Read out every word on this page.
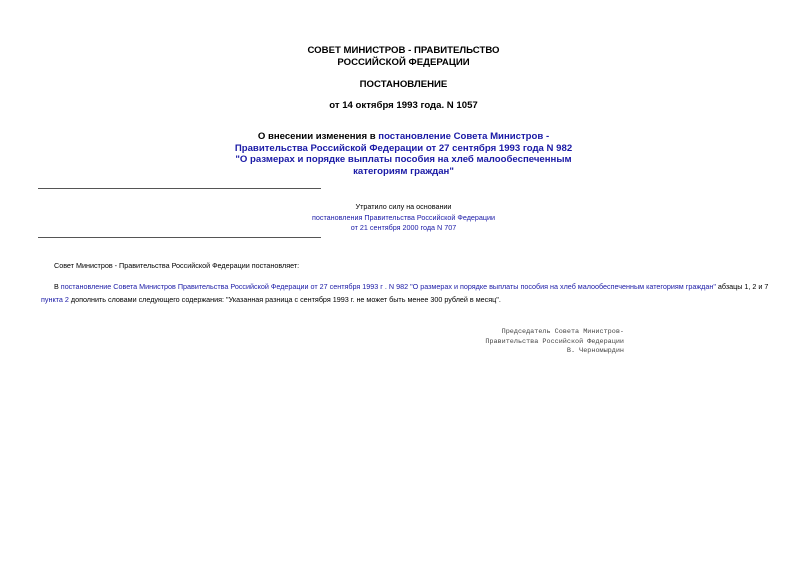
СОВЕТ МИНИСТРОВ - ПРАВИТЕЛЬСТВО
РОССИЙСКОЙ ФЕДЕРАЦИИ
ПОСТАНОВЛЕНИЕ
от 14 октября 1993 года. N 1057
О внесении изменения в постановление Совета Министров -
Правительства Российской Федерации от 27 сентября 1993 года N 982
"О размерах и порядке выплаты пособия на хлеб малообеспеченным
категориям граждан"
Утратило силу на основании
постановления Правительства Российской Федерации
от 21 сентября 2000 года N 707
Совет Министров - Правительства Российской Федерации постановляет:
В постановление Совета Министров Правительства Российской Федерации от 27 сентября 1993 г . N 982 "О размерах и порядке выплаты пособия на хлеб малообеспеченным категориям граждан" абзацы 1, 2 и 7 пункта 2 дополнить словами следующего содержания: "Указанная разница с сентября 1993 г. не может быть менее 300 рублей в месяц".
Председатель Совета Министров-
Правительства Российской Федерации
В. Черномырдин
